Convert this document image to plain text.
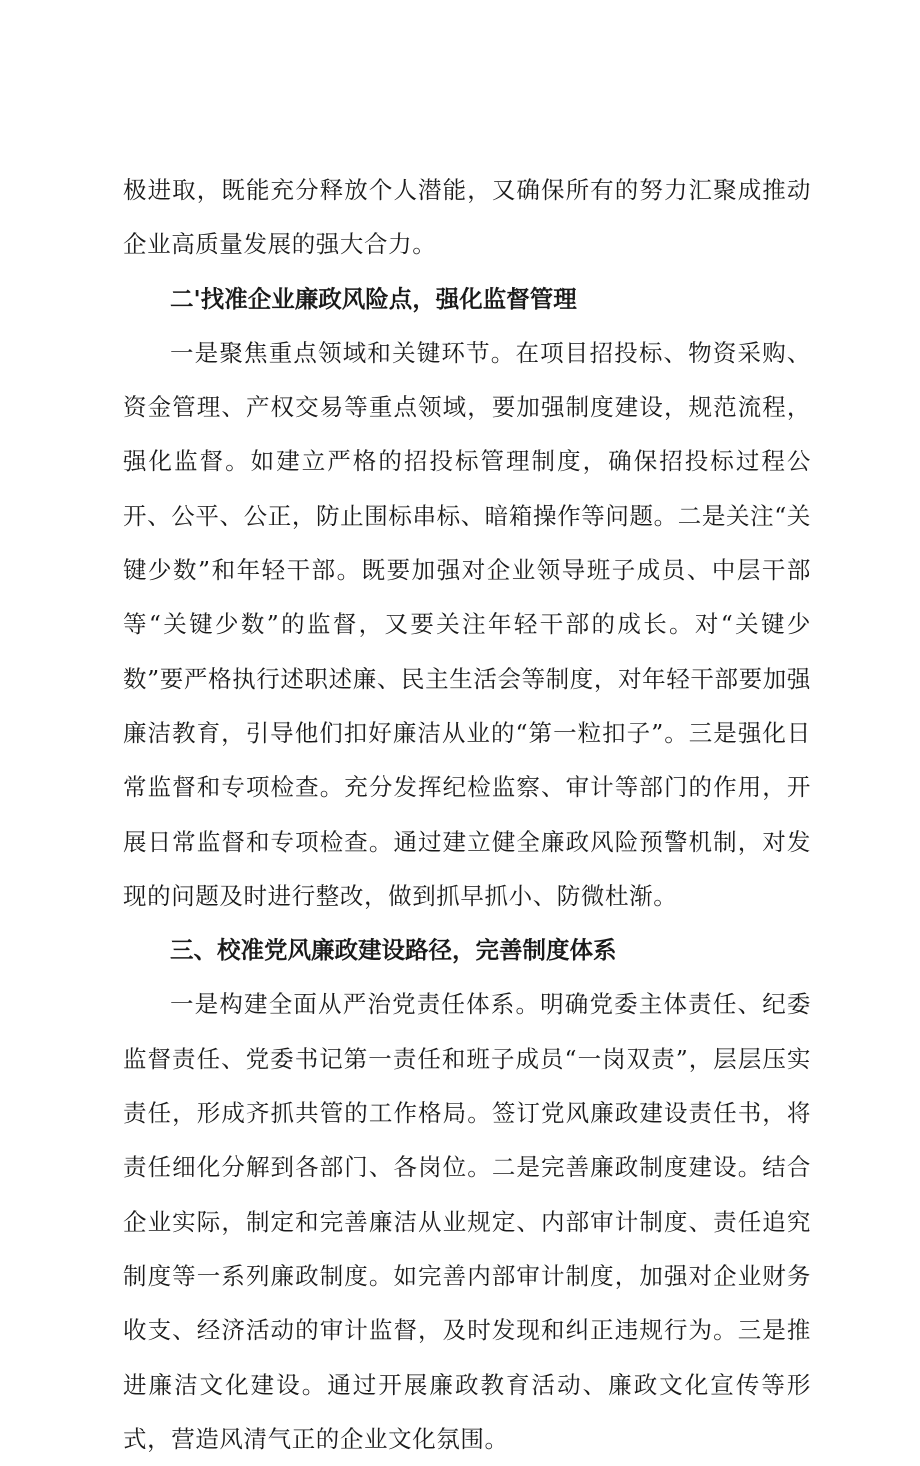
极进取，既能充分释放个人潜能，又确保所有的努力汇聚成推动企业高质量发展的强大合力。

二'找准企业廉政风险点，强化监督管理

一是聚焦重点领域和关键环节。在项目招投标、物资采购、资金管理、产权交易等重点领域，要加强制度建设，规范流程，强化监督。如建立严格的招投标管理制度，确保招投标过程公开、公平、公正，防止围标串标、暗箱操作等问题。二是关注“关键少数”和年轻干部。既要加强对企业领导班子成员、中层干部等“关键少数”的监督，又要关注年轻干部的成长。对“关键少数”要严格执行述职述廉、民主生活会等制度，对年轻干部要加强廉洁教育，引导他们扣好廉洁从业的“第一粒扣子”。三是强化日常监督和专项检查。充分发挥纪检监察、审计等部门的作用，开展日常监督和专项检查。通过建立健全廉政风险预警机制，对发现的问题及时进行整改，做到抓早抓小、防微杜渐。

三、校准党风廉政建设路径，完善制度体系

一是构建全面从严治党责任体系。明确党委主体责任、纪委监督责任、党委书记第一责任和班子成员“一岗双责”，层层压实责任，形成齐抓共管的工作格局。签订党风廉政建设责任书，将责任细化分解到各部门、各岗位。二是完善廉政制度建设。结合企业实际，制定和完善廉洁从业规定、内部审计制度、责任追究制度等一系列廉政制度。如完善内部审计制度，加强对企业财务收支、经济活动的审计监督，及时发现和纠正违规行为。三是推进廉洁文化建设。通过开展廉政教育活动、廉政文化宣传等形式，营造风清气正的企业文化氛围。
